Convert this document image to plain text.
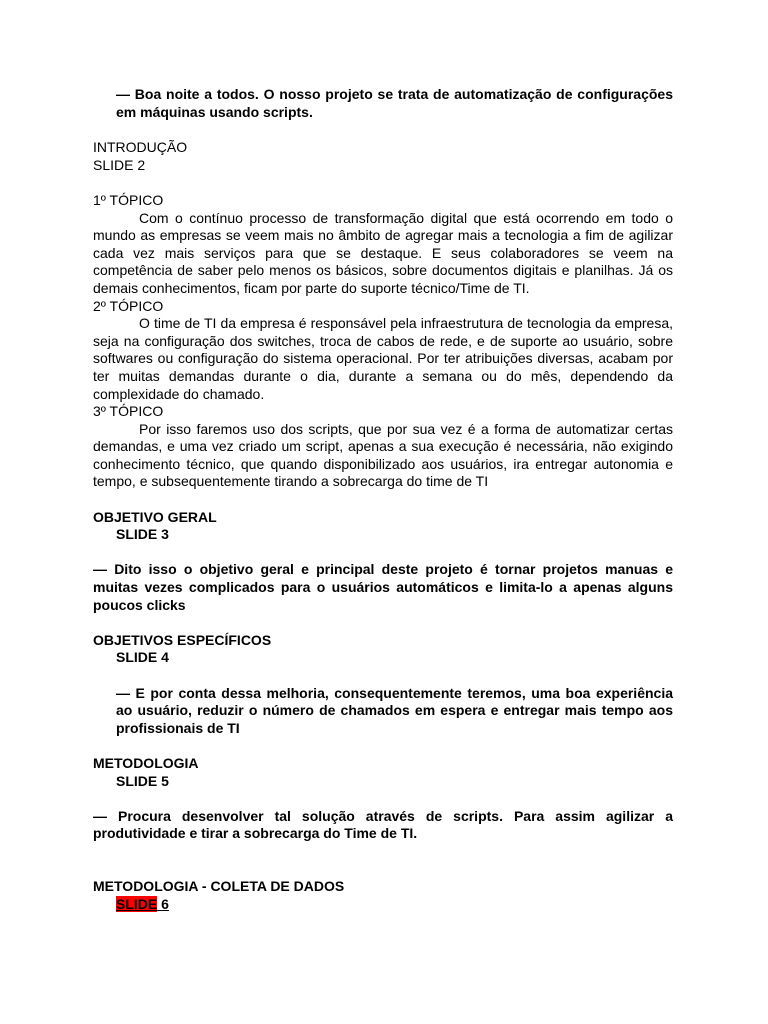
— Boa noite a todos. O nosso projeto se trata de automatização de configurações em máquinas usando scripts.

INTRODUÇÃO

SLIDE 2

1º TÓPICO

Com o contínuo processo de transformação digital que está ocorrendo em todo o mundo as empresas se veem mais no âmbito de agregar mais a tecnologia a fim de agilizar cada vez mais serviços para que se destaque. E seus colaboradores se veem na competência de saber pelo menos os básicos, sobre documentos digitais e planilhas. Já os demais conhecimentos, ficam por parte do suporte técnico/Time de TI.

2º TÓPICO

O time de TI da empresa é responsável pela infraestrutura de tecnologia da empresa, seja na configuração dos switches, troca de cabos de rede, e de suporte ao usuário, sobre softwares ou configuração do sistema operacional. Por ter atribuições diversas, acabam por ter muitas demandas durante o dia, durante a semana ou do mês, dependendo da complexidade do chamado.

3º TÓPICO

Por isso faremos uso dos scripts, que por sua vez é a forma de automatizar certas demandas, e uma vez criado um script, apenas a sua execução é necessária, não exigindo conhecimento técnico, que quando disponibilizado aos usuários, ira entregar autonomia e tempo, e subsequentemente tirando a sobrecarga do time de TI

OBJETIVO GERAL

SLIDE 3

— Dito isso o objetivo geral e principal deste projeto é tornar projetos manuas e muitas vezes complicados para o usuários automáticos e limita-lo a apenas alguns poucos clicks

OBJETIVOS ESPECÍFICOS

SLIDE 4

— E por conta dessa melhoria, consequentemente teremos, uma boa experiência ao usuário, reduzir o número de chamados em espera e entregar mais tempo aos profissionais de TI

METODOLOGIA

SLIDE 5

— Procura desenvolver tal solução através de scripts. Para assim agilizar a produtividade e tirar a sobrecarga do Time de TI.

METODOLOGIA - COLETA DE DADOS

SLIDE 6
